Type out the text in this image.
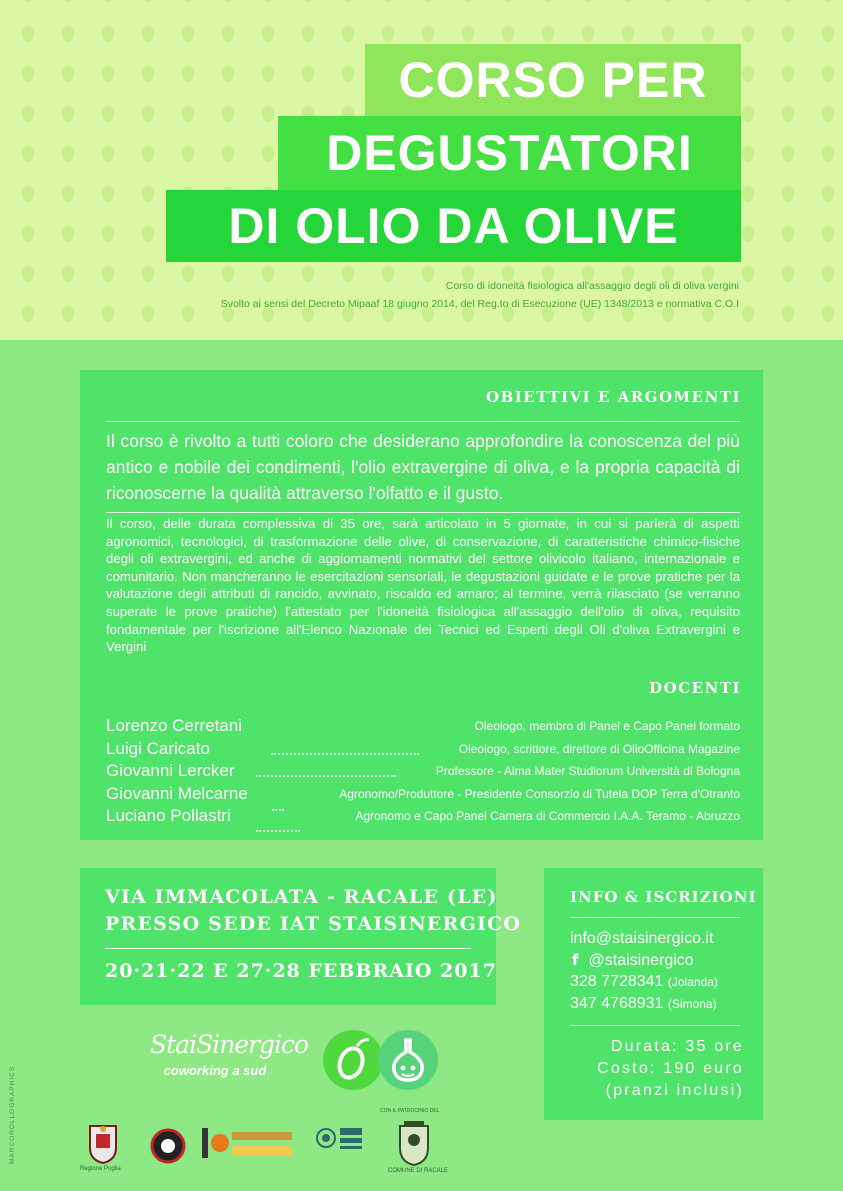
CORSO PER
DEGUSTATORI
DI OLIO DA OLIVE
Corso di idoneità fisiologica all'assaggio degli oli di oliva vergini
Svolto ai sensi del Decreto Mipaaf 18 giugno 2014, del Reg.to di Esecuzione (UE) 1348/2013 e normativa C.O.I
OBIETTIVI E ARGOMENTI
Il corso è rivolto a tutti coloro che desiderano approfondire la conoscenza del più antico e nobile dei condimenti, l'olio extravergine di oliva, e la propria capacità di riconoscerne la qualità attraverso l'olfatto e il gusto.
Il corso, delle durata complessiva di 35 ore, sarà articolato in 5 giornate, in cui si parlerà di aspetti agronomici, tecnologici, di trasformazione delle olive, di conservazione, di caratteristiche chimico-fisiche degli oli extravergini, ed anche di aggiornamenti normativi del settore olivicolo italiano, internazionale e comunitario. Non mancheranno le esercitazioni sensoriali, le degustazioni guidate e le prove pratiche per la valutazione degli attributi di rancido, avvinato, riscaldo ed amaro; al termine, verrà rilasciato (se verranno superate le prove pratiche) l'attestato per l'idoneità fisiologica all'assaggio dell'olio di oliva, requisito fondamentale per l'iscrizione all'Elenco Nazionale dei Tecnici ed Esperti degli Oli d'oliva Extravergini e Vergini
DOCENTI
Lorenzo Cerretani	Oleologo, membro di Panel e Capo Panel formato
Luigi Caricato	Oleologo, scrittore, direttore di OlioOfficina Magazine
Giovanni Lercker	Professore - Alma Mater Studiorum Università di Bologna
Giovanni Melcarne	Agronomo/Produttore - Presidente Consorzio di Tutela DOP Terra d'Otranto
Luciano Pollastri	Agronomo e Capo Panel Camera di Commercio I.A.A. Teramo - Abruzzo
VIA IMMACOLATA - RACALE (LE)
PRESSO SEDE IAT STAISINERGICO
20·21·22 E 27·28 FEBBRAIO 2017
INFO & ISCRIZIONI
info@staisinergico.it
f @staisinergico
328 7728341 (Jolanda)
347 4768931 (Simona)
Durata: 35 ore
Costo: 190 euro
(pranzi inclusi)
StaiSinergico
coworking a sud
MARCOROLLOGRAPHICS
Regione Puglia
CON IL PATROCINIO DEL
COMUNE DI RACALE
